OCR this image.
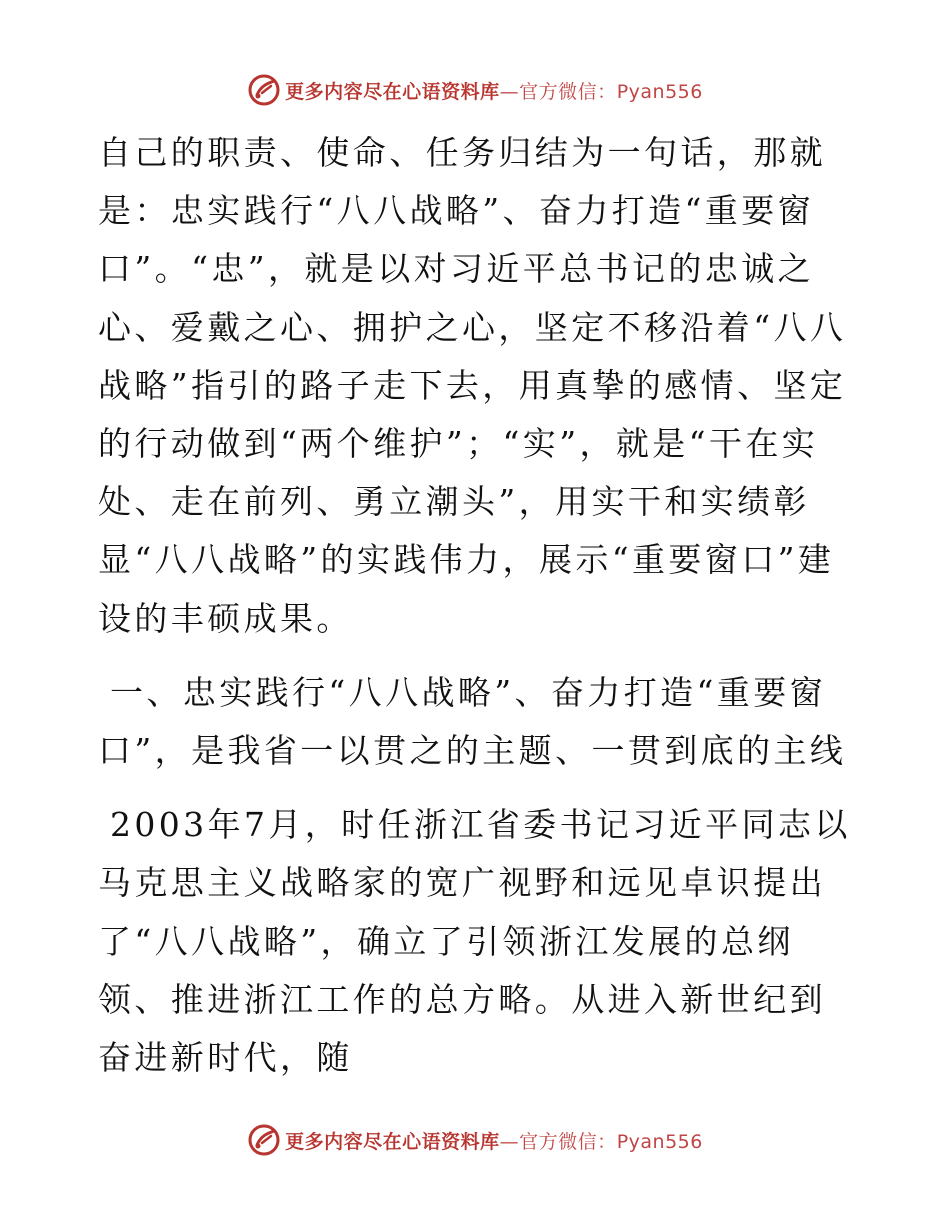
更多内容尽在心语资料库—官方微信：Pyan556

自己的职责、使命、任务归结为一句话，那就是：忠实践行“八八战略”、奋力打造“重要窗口”。“忠”，就是以对习近平总书记的忠诚之心、爱戴之心、拥护之心，坚定不移沿着“八八战略”指引的路子走下去，用真挚的感情、坚定的行动做到“两个维护”；“实”，就是“干在实处、走在前列、勇立潮头”，用实干和实绩彰显“八八战略”的实践伟力，展示“重要窗口”建设的丰硕成果。

一、忠实践行“八八战略”、奋力打造“重要窗口”，是我省一以贯之的主题、一贯到底的主线

2003年7月，时任浙江省委书记习近平同志以马克思主义战略家的宽广视野和远见卓识提出了“八八战略”，确立了引领浙江发展的总纲领、推进浙江工作的总方略。从进入新世纪到奋进新时代，随

更多内容尽在心语资料库—官方微信：Pyan556
